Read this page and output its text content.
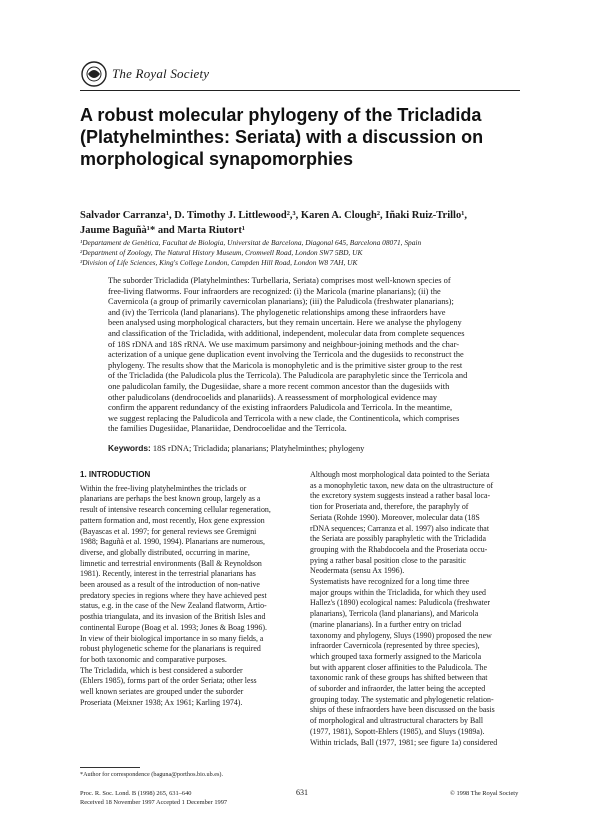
The Royal Society
A robust molecular phylogeny of the Tricladida
(Platyhelminthes: Seriata) with a discussion on
morphological synapomorphies
Salvador Carranza¹, D. Timothy J. Littlewood²,³, Karen A. Clough², Iñaki Ruiz-Trillo¹,
Jaume Baguñà¹* and Marta Riutort¹
¹Departament de Genètica, Facultat de Biologia, Universitat de Barcelona, Diagonal 645, Barcelona 08071, Spain
²Department of Zoology, The Natural History Museum, Cromwell Road, London SW7 5BD, UK
³Division of Life Sciences, King's College London, Campden Hill Road, London W8 7AH, UK
The suborder Tricladida (Platyhelminthes: Turbellaria, Seriata) comprises most well-known species of
free-living flatworms. Four infraorders are recognized: (i) the Maricola (marine planarians); (ii) the
Cavernicola (a group of primarily cavernicolan planarians); (iii) the Paludicola (freshwater planarians);
and (iv) the Terricola (land planarians). The phylogenetic relationships among these infraorders have
been analysed using morphological characters, but they remain uncertain. Here we analyse the phylogeny
and classification of the Tricladida, with additional, independent, molecular data from complete sequences
of 18S rDNA and 18S rRNA. We use maximum parsimony and neighbour-joining methods and the char-
acterization of a unique gene duplication event involving the Terricola and the dugesiids to reconstruct the
phylogeny. The results show that the Maricola is monophyletic and is the primitive sister group to the rest
of the Tricladida (the Paludicola plus the Terricola). The Paludicola are paraphyletic since the Terricola and
one paludicolan family, the Dugesiidae, share a more recent common ancestor than the dugesiids with
other paludicolans (dendrocoelids and planariids). A reassessment of morphological evidence may
confirm the apparent redundancy of the existing infraorders Paludicola and Terricola. In the meantime,
we suggest replacing the Paludicola and Terricola with a new clade, the Continenticola, which comprises
the families Dugesiidae, Planariidae, Dendrocoelidae and the Terricola.
Keywords: 18S rDNA; Tricladida; planarians; Platyhelminthes; phylogeny
1. INTRODUCTION
Within the free-living platyhelminthes the triclads or
planarians are perhaps the best known group, largely as a
result of intensive research concerning cellular regeneration,
pattern formation and, most recently, Hox gene expression
(Bayascas et al. 1997; for general reviews see Gremigni
1988; Baguñà et al. 1990, 1994). Planarians are numerous,
diverse, and globally distributed, occurring in marine,
limnetic and terrestrial environments (Ball & Reynoldson
1981). Recently, interest in the terrestrial planarians has
been aroused as a result of the introduction of non-native
predatory species in regions where they have achieved pest
status, e.g. in the case of the New Zealand flatworm, Artio-
posthia triangulata, and its invasion of the British Isles and
continental Europe (Boag et al. 1993; Jones & Boag 1996).
In view of their biological importance in so many fields, a
robust phylogenetic scheme for the planarians is required
for both taxonomic and comparative purposes.
The Tricladida, which is best considered a suborder
(Ehlers 1985), forms part of the order Seriata; other less
well known seriates are grouped under the suborder
Proseriata (Meixner 1938; Ax 1961; Karling 1974).
Although most morphological data pointed to the Seriata
as a monophyletic taxon, new data on the ultrastructure of
the excretory system suggests instead a rather basal loca-
tion for Proseriata and, therefore, the paraphyly of
Seriata (Rohde 1990). Moreover, molecular data (18S
rDNA sequences; Carranza et al. 1997) also indicate that
the Seriata are possibly paraphyletic with the Tricladida
grouping with the Rhabdocoela and the Proseriata occu-
pying a rather basal position close to the parasitic
Neodermata (sensu Ax 1996).
Systematists have recognized for a long time three
major groups within the Tricladida, for which they used
Hallez's (1890) ecological names: Paludicola (freshwater
planarians), Terricola (land planarians), and Maricola
(marine planarians). In a further entry on triclad
taxonomy and phylogeny, Sluys (1990) proposed the new
infraorder Cavernicola (represented by three species),
which grouped taxa formerly assigned to the Maricola
but with apparent closer affinities to the Paludicola. The
taxonomic rank of these groups has shifted between that
of suborder and infraorder, the latter being the accepted
grouping today. The systematic and phylogenetic relation-
ships of these infraorders have been discussed on the basis
of morphological and ultrastructural characters by Ball
(1977, 1981), Sopott-Ehlers (1985), and Sluys (1989a).
Within triclads, Ball (1977, 1981; see figure 1a) considered
*Author for correspondence (baguna@porthos.bio.ub.es).
Proc. R. Soc. Lond. B (1998) 265, 631–640
Received 18 November 1997 Accepted 1 December 1997
631	© 1998 The Royal Society
